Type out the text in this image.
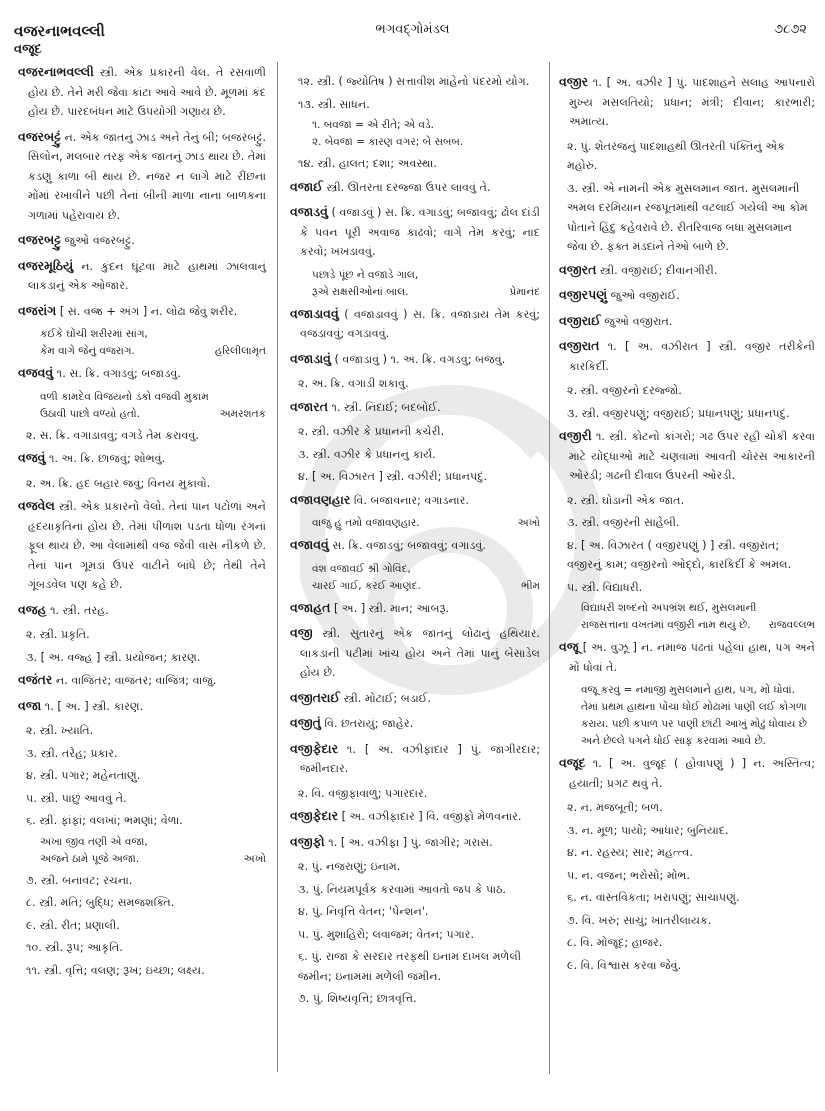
વજરનાભવલ્લી	ભગવદ્ગોમંડલ	૭૮૭૨
વજૂદ
વજરનાભવલ્લી સ્ત્રી. એક પ્રકારની વેલ. તે રસવાળી હોય છે. તેને મરી જેવા કાંટા આવે આવે છે. મૂળમાં કંદ હોય છે. પારદબંધન માટે ઉપયોગી ગણાય છે.
વજરબટ્ટું ન. એક જાતનું ઝાડ અને તેનું બી; બજરબટ્ટું. સિલોન, મલબાર તરફ એક જાતનું ઝાડ થાય છે. તેમાં કડણુ કાળા બી થાય છે. નજર ન લાગે માટે રીંછના મોંમાં રખાવીને પછી તેનાં બીની માળા નાના બાળકના ગળામાં પહેરાવાય છે.
વજરબટ્ટુ જુઓ વજરબટ્ટું.
વજરમૂઠિયું ન. કુંદન ઘૂંટવા માટે હાથમાં ઝાલવાનું લાકડાનું એક ઓજાર.
વજરાંગ [ સં. વજ્ર + અંગ ] ન. લોઢા જેવું શરીર.
કઈકે ઘોંચી શરીરમાં સાંગ,
કેમ વાગે જેનું વજરાંગ.	હરિલીલામૃત
વજવવું ૧. સ. ક્રિ. વગાડવું; બજાડવું.
વળી કામદેવ વિજયનો ડંકો વજવી મુકામ
ઉઠાવી પાછો વળ્યો હતો.	અમરશતક
૨. સ. ક્રિ. વગાડાવવું; વગડે તેમ કરાવવું.
વજવું ૧. અ. ક્રિ. છાજવું; શોભવું.
૨. અ. ક્રિ. હદ બહાર જવું; વિનય મુકાવો.
વજવેલ સ્ત્રી. એક પ્રકારનો વેલો. તેનાં પાન પટોળાં અને હૃદયાકૃતિનાં હોય છે. તેમાં પીળાશ પડતા ધોળા રંગનાં ફૂલ થાય છે. આ વેલામાંથી વજ જેવી વાસ નીકળે છે. તેનાં પાન ગૂમડાં ઉપર વાટીને બાંધે છે; તેથી તેને ગૂંબડવેલ પણ કહે છે.
વજહ ૧. સ્ત્રી. તરહ.
૨. સ્ત્રી. પ્રકૃતિ.
૩. [ અ. વજ્હ ] સ્ત્રી. પ્રયોજન; કારણ.
વજંતર ન. વાજિંતર; વાજંતર; વાજિંત્ર; વાજું.
વજા ૧. [ અ. ] સ્ત્રી. કારણ.
૨. સ્ત્રી. ખ્યાતિ.
૩. સ્ત્રી. તરેહ; પ્રકાર.
૪. સ્ત્રી. પગાર; મહેનતાણું.
૫. સ્ત્રી. પાછું આવવું તે.
૬. સ્ત્રી. ફાંફાં; વલખાં; ભમણાં; વેળા.
અખા જીવ તણી એ વજા,
અજને ઠામે પૂજે અજા.	અખો
૭. સ્ત્રી. બનાવટ; રચના.
૮. સ્ત્રી. મતિ; બુદ્ધિ; સમજશક્તિ.
૯. સ્ત્રી. રીત; પ્રણાલી.
૧૦. સ્ત્રી. રૂપ; આકૃતિ.
૧૧. સ્ત્રી. વૃત્તિ; વલણ; રૂખ; ઇચ્છા; લક્ષ્ય.
૧૨. સ્ત્રી. ( જ્યોતિષ ) સત્તાવીશ માંહેનો પંદરમો યોગ.
૧૩. સ્ત્રી. સાધન.
૧. બવજા = એ રીતે; એ વડે.
૨. બેવજા = કારણ વગર; બે સબબ.
૧૪. સ્ત્રી. હાલત; દશા; અવસ્થા.
વજાઈ સ્ત્રી. ઊતરતા દરજ્જા ઉપર લાવવું તે.
વજાડવું ( વજાડવું ) સ. ક્રિ. વગાડવું; બજાવવું; ઢોલ દાંડી કે પવન પૂરી અવાજ કાઢવો; વાગે તેમ કરવું; નાદ કરવો; ખખડાવવું.
પછાડે પૂંછ ને વજાડે ગાલ,
રૂએ રાક્ષસીઓનાં બાલ.	પ્રેમાનંદ
વજાડાવવું ( વજાડાવવું ) સ. ક્રિ. વજાડાય તેમ કરવું; વજડાવવું; વગડાવવું.
વજાડાવું ( વજાડાવું ) ૧. અ. ક્રિ. વગડવું; બજવું.
૨. અ. ક્રિ. વગાડી શકાવું.
વજારત ૧. સ્ત્રી. નિંદાઈ; બદબોઈ.
૨. સ્ત્રી. વઝીર કે પ્રધાનની કચેરી.
૩. સ્ત્રી. વઝીર કે પ્રધાનનું કાર્ય.
૪. [ અ. વિઝારત ] સ્ત્રી. વઝીરી; પ્રધાનપદું.
વજાવણહાર વિ. બજાવનાર; વગાડનાર.
વાજું હું તમો વજાવણહાર.	અખો
વજાવવું સ. ક્રિ. વજાડવું; બજાવવું; વગાડવું.
વંશ વજાવઈ શ્રી ગોવિંદ,
ચારઈ ગાઈ, કરઈ આણંદ.	ભીમ
વજાહત [ અ. ] સ્ત્રી. માન; આબરૂ.
વજી સ્ત્રી. સુતારનું એક જાતનું લોઢાનું હથિયાર. લાકડાની પટીમાં ખાંચ હોય અને તેમાં પાનું બેસાડેલ હોય છે.
વજીતરાઈ સ્ત્રી. મોટાઈ; બડાઈ.
વજીતું વિ. છતરાયું; જાહેર.
વજીફેદાર ૧. [ અ. વઝીફાદાર ] પું. જાગીરદાર; જમીનદાર.
૨. વિ. વજીફાવાળું; પગારદાર.
વજીફેદાર [ અ. વઝીફાદાર ] વિ. વજીફો મેળવનાર.
વજીફો ૧. [ અ. વઝીફા ] પું. જાગીર; ગરાસ.
૨. પું. નજરાણું; ઇનામ.
૩. પું. નિયમપૂર્વક કરવામાં આવતો જપ કે પાઠ.
૪. પું. નિવૃત્તિ વેતન; 'પેન્શન'.
૫. પું. મુશાહિરો; લવાજમ; વેતન; પગાર.
૬. પું. રાજા કે સરદાર તરફથી ઇનામ દાખલ મળેલી જમીન; ઇનામમાં મળેલી જમીન.
૭. પું. શિષ્યવૃત્તિ; છાત્રવૃત્તિ.
વજીર ૧. [ અ. વઝીર ] પું. પાદશાહને સલાહ આપનારો મુખ્ય મસલતિયો; પ્રધાન; મંત્રી; દીવાન; કારભારી; અમાત્ય.
૨. પું. શેતરંજનું પાદશાહથી ઊતરતી પંક્તિનું એક મહોરું.
૩. સ્ત્રી. એ નામની એક મુસલમાન જાત. મુસલમાની અમલ દરમિયાન રજપૂતમાંથી વટલાઈ ગયેલી આ કોમ પોતાને હિંદુ કહેવરાવે છે. રીતરિવાજ બધા મુસલમાન જેવા છે. ફક્ત મડદાંને તેઓ બાળે છે.
વજીરત સ્ત્રી. વજીરાઈ; દીવાનગીરી.
વજીરપણું જુઓ વજીરાઈ.
વજીરાઈ જુઓ વજીરાત.
વજીરાત ૧. [ અ. વઝીરાત ] સ્ત્રી. વજીર તરીકેની કારકિર્દી.
૨. સ્ત્રી. વજીરનો દરજ્જો.
૩. સ્ત્રી. વજીરપણું; વજીરાઈ; પ્રધાનપણું; પ્રધાનપદું.
વજીરી ૧. સ્ત્રી. કોટનો કાંગરો; ગઢ ઉપર રહી ચોકી કરવા માટે યોદ્ધાઓ માટે ચણવામાં આવતી ચોરસ આકારની ઓરડી; ગઢની દીવાલ ઉપરની ઓરડી.
૨. સ્ત્રી. ઘોડાની એક જાત.
૩. સ્ત્રી. વજીરની સાહેબી.
૪. [ અ. વિઝારત ( વજીરપણું ) ] સ્ત્રી. વજીરાત; વજીરનું કામ; વજીરનો ઓદ્દો, કારકિર્દી કે અમલ.
૫. સ્ત્રી. વિદ્યાધરી.
વિદ્યાધરી શબ્દનો અપભ્રંશ થઈ, મુસલમાની
રાજસત્તાના વખતમાં વજીરી નામ થયું છે. રાજવલ્લભ
વજૂ [ અ. વુઝૂ ] ન. નમાજ પઢતાં પહેલાં હાથ, પગ અને મોં ધોવાં તે.
વજૂ કરવું = નમાજી મુસલમાને હાથ, પગ, મોં ધોવાં. તેમાં પ્રથમ હાથના પોંચા ધોઈ મોઢામાં પાણી લઈ કોગળા કરાય. પછી કપાળ પર પાણી છાંટી આખું મોઢું ધોવાય છે અને છેલ્લે પગને ધોઈ સાફ કરવામાં આવે છે.
વજૂદ ૧. [ અ. વુજૂદ ( હોવાપણું ) ] ન. અસ્તિત્વ; હયાતી; પ્રગટ થવું તે.
૨. ન. મજબૂતી; બળ.
૩. ન. મૂળ; પાયો; આધાર; બુનિયાદ.
૪. ન. રહસ્ય; સાર; મહત્ત્વ.
૫. ન. વજન; ભરોસો; મોભ.
૬. ન. વાસ્તવિકતા; ખરાપણું; સાચાપણું.
૭. વિ. ખરું; સાચું; ખાતરીલાયક.
૮. વિ. મોજૂદ; હાજર.
૯. વિ. વિશ્વાસ કરવા જેવું.
